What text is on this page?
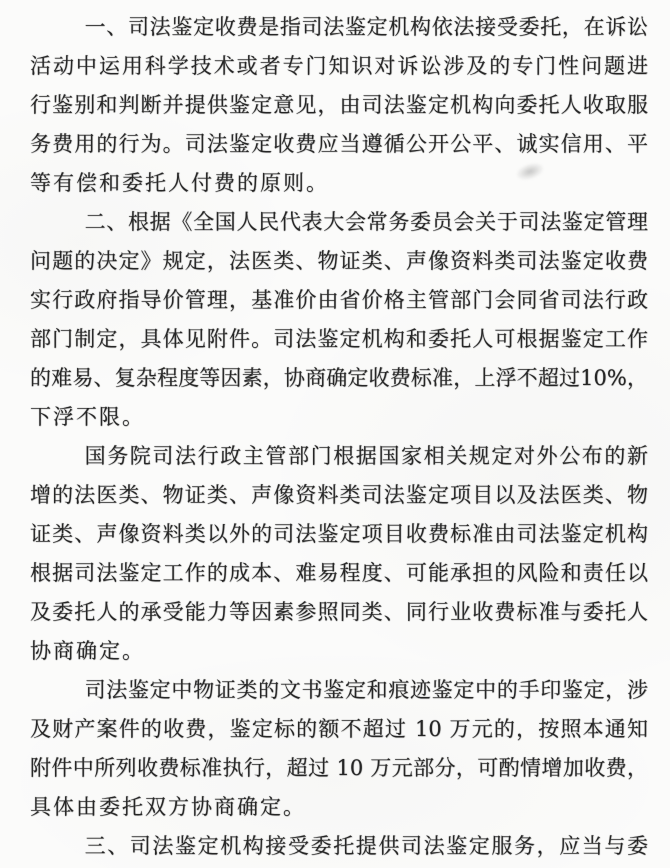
一、司法鉴定收费是指司法鉴定机构依法接受委托，在诉讼
活动中运用科学技术或者专门知识对诉讼涉及的专门性问题进
行鉴别和判断并提供鉴定意见，由司法鉴定机构向委托人收取服
务费用的行为。司法鉴定收费应当遵循公开公平、诚实信用、平
等有偿和委托人付费的原则。
二、根据《全国人民代表大会常务委员会关于司法鉴定管理
问题的决定》规定，法医类、物证类、声像资料类司法鉴定收费
实行政府指导价管理，基准价由省价格主管部门会同省司法行政
部门制定，具体见附件。司法鉴定机构和委托人可根据鉴定工作
的难易、复杂程度等因素，协商确定收费标准，上浮不超过10%，
下浮不限。
国务院司法行政主管部门根据国家相关规定对外公布的新
增的法医类、物证类、声像资料类司法鉴定项目以及法医类、物
证类、声像资料类以外的司法鉴定项目收费标准由司法鉴定机构
根据司法鉴定工作的成本、难易程度、可能承担的风险和责任以
及委托人的承受能力等因素参照同类、同行业收费标准与委托人
协商确定。
司法鉴定中物证类的文书鉴定和痕迹鉴定中的手印鉴定，涉
及财产案件的收费，鉴定标的额不超过 10 万元的，按照本通知
附件中所列收费标准执行，超过 10 万元部分，可酌情增加收费，
具体由委托双方协商确定。
三、司法鉴定机构接受委托提供司法鉴定服务，应当与委
